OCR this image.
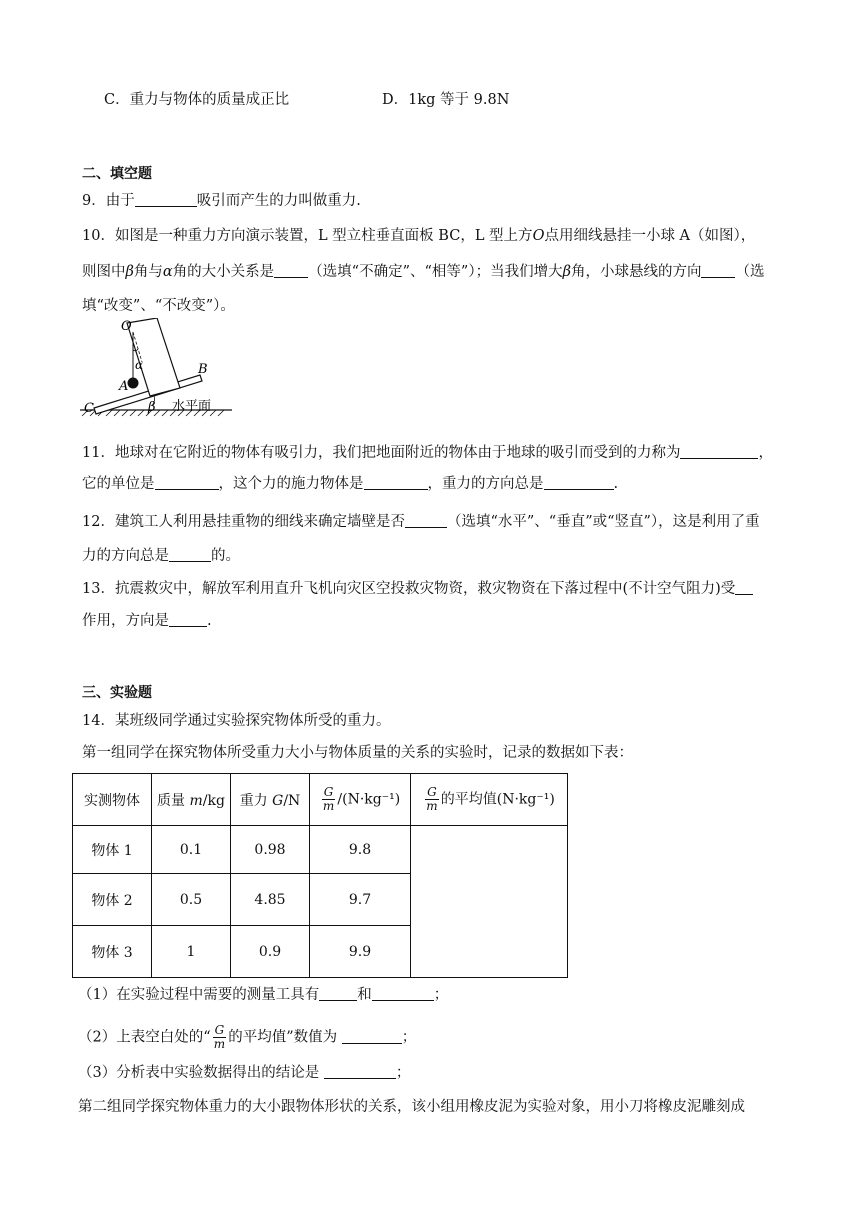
C．重力与物体的质量成正比	D．1kg 等于 9.8N
二、填空题
9．由于	吸引而产生的力叫做重力.
10．如图是一种重力方向演示装置，L 型立柱垂直面板 BC，L 型上方O点用细线悬挂一小球 A（如图），
则图中β角与α角的大小关系是 （选填“不确定”、“相等”）；当我们增大β角，小球悬线的方向 （选
填“改变”、“不改变”）。
O
A
B
C
α
β 水平面
11．地球对在它附近的物体有吸引力，我们把地面附近的物体由于地球的吸引而受到的力称为	，
它的单位是	，这个力的施力物体是	，重力的方向总是	.
12．建筑工人利用悬挂重物的细线来确定墙壁是否	（选填“水平”、“垂直”或“竖直”），这是利用了重
力的方向总是	的。
13．抗震救灾中，解放军利用直升飞机向灾区空投救灾物资，救灾物资在下落过程中(不计空气阻力)受
作用，方向是	.
三、实验题
14．某班级同学通过实验探究物体所受的重力。
第一组同学在探究物体所受重力大小与物体质量的关系的实验时，记录的数据如下表：
实测物体	质量 m/kg	重力 G/N	$\frac{G}{m} /(N\cdot kg^{-1})$	$\frac{G}{m}$ 的平均值(N·kg⁻¹)
物体 1	0.1	0.98	9.8	
物体 2	0.5	4.85	9.7	
物体 3	1	0.9	9.9	
（1）在实验过程中需要的测量工具有	和	；
（2）上表空白处的“ $\frac{G}{m}$ 的平均值”数值为	；
（3）分析表中实验数据得出的结论是	；
第二组同学探究物体重力的大小跟物体形状的关系，该小组用橡皮泥为实验对象，用小刀将橡皮泥雕刻成
